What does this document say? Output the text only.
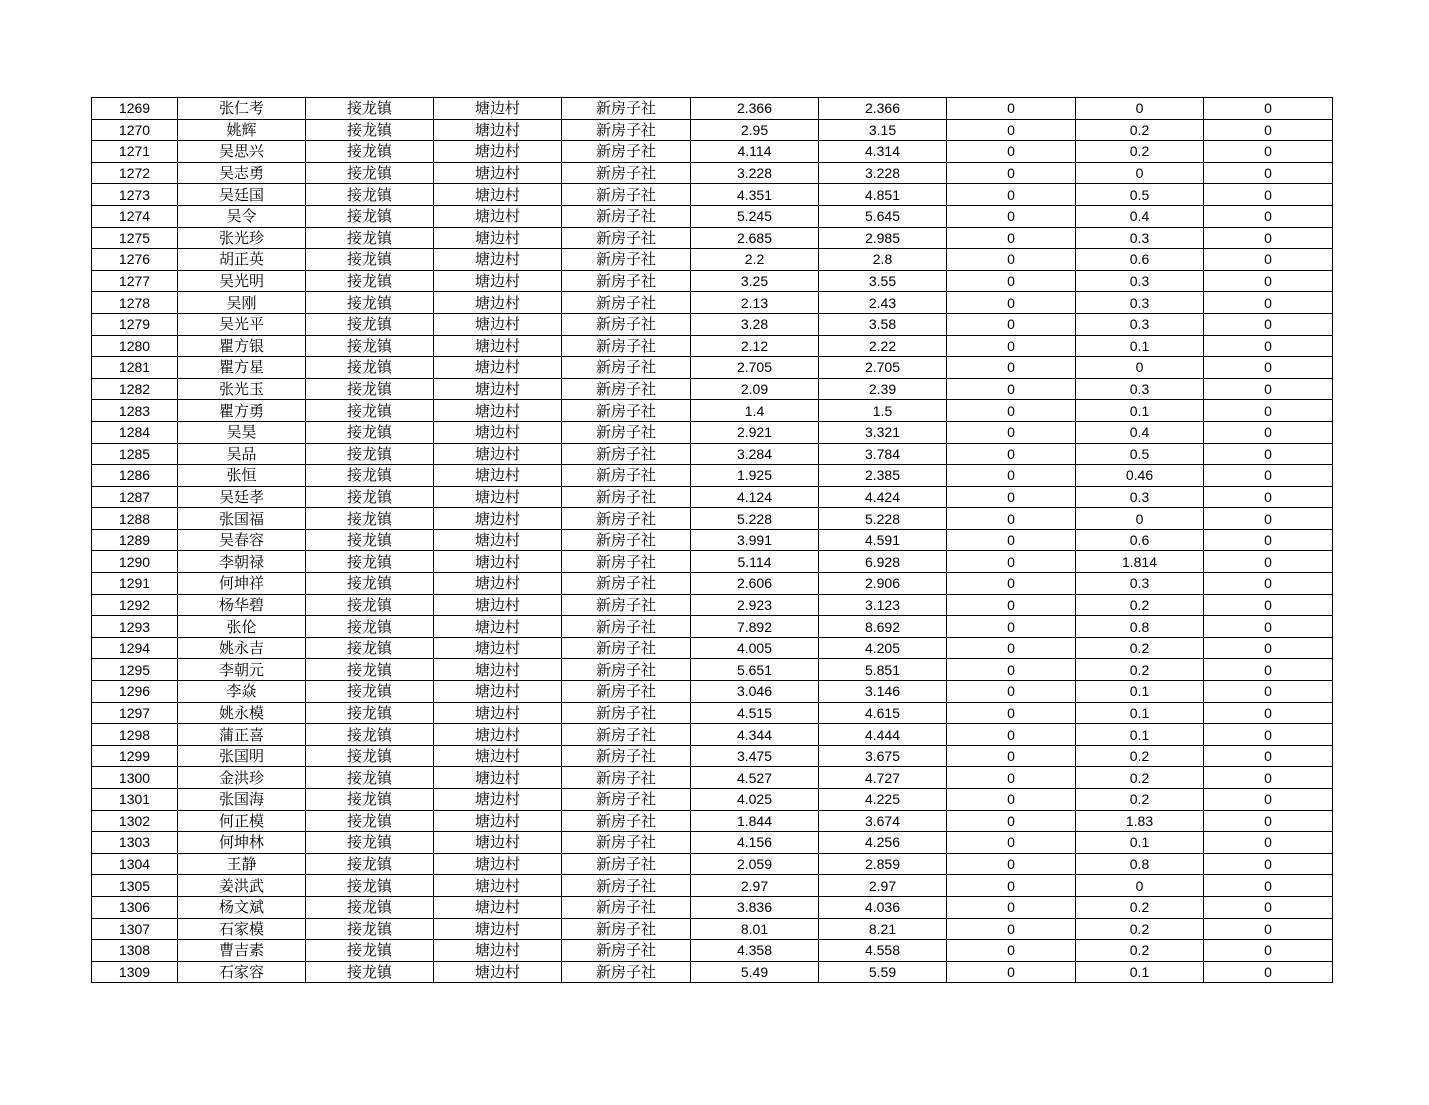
1269	张仁考	接龙镇	塘边村	新房子社	2.366	2.366	0	0	0
1270	姚辉	接龙镇	塘边村	新房子社	2.95	3.15	0	0.2	0
1271	吴思兴	接龙镇	塘边村	新房子社	4.114	4.314	0	0.2	0
1272	吴志勇	接龙镇	塘边村	新房子社	3.228	3.228	0	0	0
1273	吴廷国	接龙镇	塘边村	新房子社	4.351	4.851	0	0.5	0
1274	吴令	接龙镇	塘边村	新房子社	5.245	5.645	0	0.4	0
1275	张光珍	接龙镇	塘边村	新房子社	2.685	2.985	0	0.3	0
1276	胡正英	接龙镇	塘边村	新房子社	2.2	2.8	0	0.6	0
1277	吴光明	接龙镇	塘边村	新房子社	3.25	3.55	0	0.3	0
1278	吴刚	接龙镇	塘边村	新房子社	2.13	2.43	0	0.3	0
1279	吴光平	接龙镇	塘边村	新房子社	3.28	3.58	0	0.3	0
1280	瞿方银	接龙镇	塘边村	新房子社	2.12	2.22	0	0.1	0
1281	瞿方星	接龙镇	塘边村	新房子社	2.705	2.705	0	0	0
1282	张光玉	接龙镇	塘边村	新房子社	2.09	2.39	0	0.3	0
1283	瞿方勇	接龙镇	塘边村	新房子社	1.4	1.5	0	0.1	0
1284	吴昊	接龙镇	塘边村	新房子社	2.921	3.321	0	0.4	0
1285	吴品	接龙镇	塘边村	新房子社	3.284	3.784	0	0.5	0
1286	张恒	接龙镇	塘边村	新房子社	1.925	2.385	0	0.46	0
1287	吴廷孝	接龙镇	塘边村	新房子社	4.124	4.424	0	0.3	0
1288	张国福	接龙镇	塘边村	新房子社	5.228	5.228	0	0	0
1289	吴春容	接龙镇	塘边村	新房子社	3.991	4.591	0	0.6	0
1290	李朝禄	接龙镇	塘边村	新房子社	5.114	6.928	0	1.814	0
1291	何坤祥	接龙镇	塘边村	新房子社	2.606	2.906	0	0.3	0
1292	杨华碧	接龙镇	塘边村	新房子社	2.923	3.123	0	0.2	0
1293	张伦	接龙镇	塘边村	新房子社	7.892	8.692	0	0.8	0
1294	姚永吉	接龙镇	塘边村	新房子社	4.005	4.205	0	0.2	0
1295	李朝元	接龙镇	塘边村	新房子社	5.651	5.851	0	0.2	0
1296	李焱	接龙镇	塘边村	新房子社	3.046	3.146	0	0.1	0
1297	姚永模	接龙镇	塘边村	新房子社	4.515	4.615	0	0.1	0
1298	蒲正喜	接龙镇	塘边村	新房子社	4.344	4.444	0	0.1	0
1299	张国明	接龙镇	塘边村	新房子社	3.475	3.675	0	0.2	0
1300	金洪珍	接龙镇	塘边村	新房子社	4.527	4.727	0	0.2	0
1301	张国海	接龙镇	塘边村	新房子社	4.025	4.225	0	0.2	0
1302	何正模	接龙镇	塘边村	新房子社	1.844	3.674	0	1.83	0
1303	何坤林	接龙镇	塘边村	新房子社	4.156	4.256	0	0.1	0
1304	王静	接龙镇	塘边村	新房子社	2.059	2.859	0	0.8	0
1305	姜洪武	接龙镇	塘边村	新房子社	2.97	2.97	0	0	0
1306	杨文斌	接龙镇	塘边村	新房子社	3.836	4.036	0	0.2	0
1307	石家模	接龙镇	塘边村	新房子社	8.01	8.21	0	0.2	0
1308	曹吉素	接龙镇	塘边村	新房子社	4.358	4.558	0	0.2	0
1309	石家容	接龙镇	塘边村	新房子社	5.49	5.59	0	0.1	0
